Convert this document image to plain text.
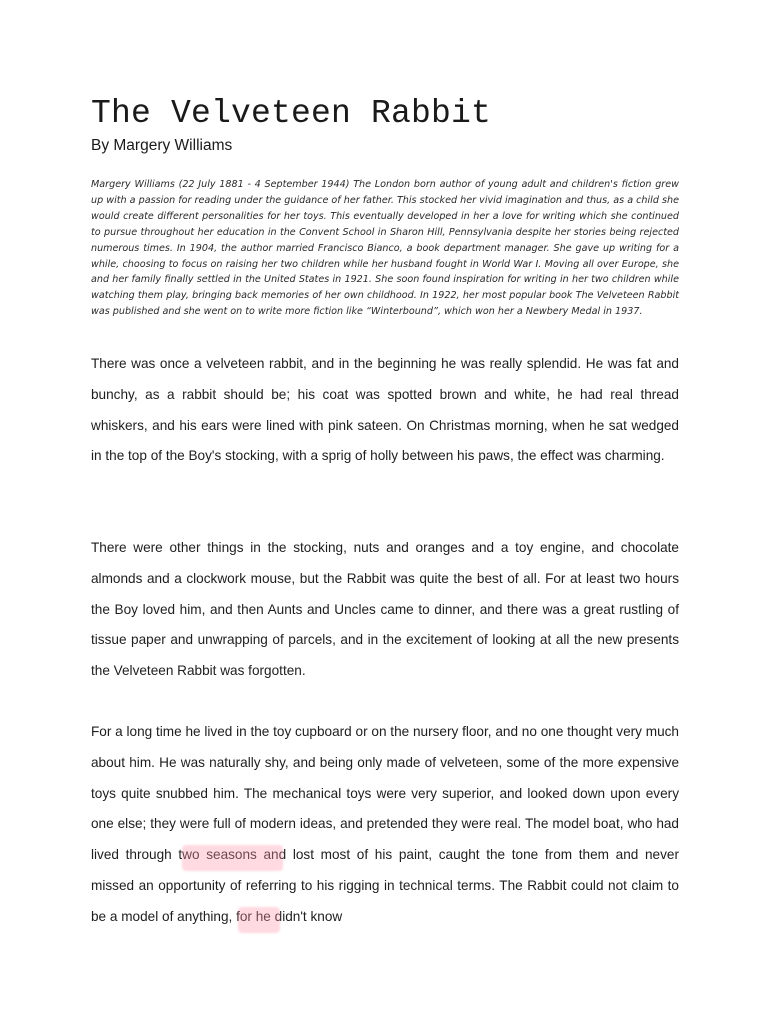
The Velveteen Rabbit
By Margery Williams

Margery Williams (22 July 1881 - 4 September 1944) The London born author of young adult and children's fiction grew up with a passion for reading under the guidance of her father. This stocked her vivid imagination and thus, as a child she would create different personalities for her toys. This eventually developed in her a love for writing which she continued to pursue throughout her education in the Convent School in Sharon Hill, Pennsylvania despite her stories being rejected numerous times. In 1904, the author married Francisco Bianco, a book department manager. She gave up writing for a while, choosing to focus on raising her two children while her husband fought in World War I. Moving all over Europe, she and her family finally settled in the United States in 1921. She soon found inspiration for writing in her two children while watching them play, bringing back memories of her own childhood. In 1922, her most popular book The Velveteen Rabbit was published and she went on to write more fiction like “Winterbound”, which won her a Newbery Medal in 1937.

There was once a velveteen rabbit, and in the beginning he was really splendid. He was fat and bunchy, as a rabbit should be; his coat was spotted brown and white, he had real thread whiskers, and his ears were lined with pink sateen. On Christmas morning, when he sat wedged in the top of the Boy's stocking, with a sprig of holly between his paws, the effect was charming.

There were other things in the stocking, nuts and oranges and a toy engine, and chocolate almonds and a clockwork mouse, but the Rabbit was quite the best of all. For at least two hours the Boy loved him, and then Aunts and Uncles came to dinner, and there was a great rustling of tissue paper and unwrapping of parcels, and in the excitement of looking at all the new presents the Velveteen Rabbit was forgotten.

For a long time he lived in the toy cupboard or on the nursery floor, and no one thought very much about him. He was naturally shy, and being only made of velveteen, some of the more expensive toys quite snubbed him. The mechanical toys were very superior, and looked down upon every one else; they were full of modern ideas, and pretended they were real. The model boat, who had lived through two seasons and lost most of his paint, caught the tone from them and never missed an opportunity of referring to his rigging in technical terms. The Rabbit could not claim to be a model of anything, for he didn't know
